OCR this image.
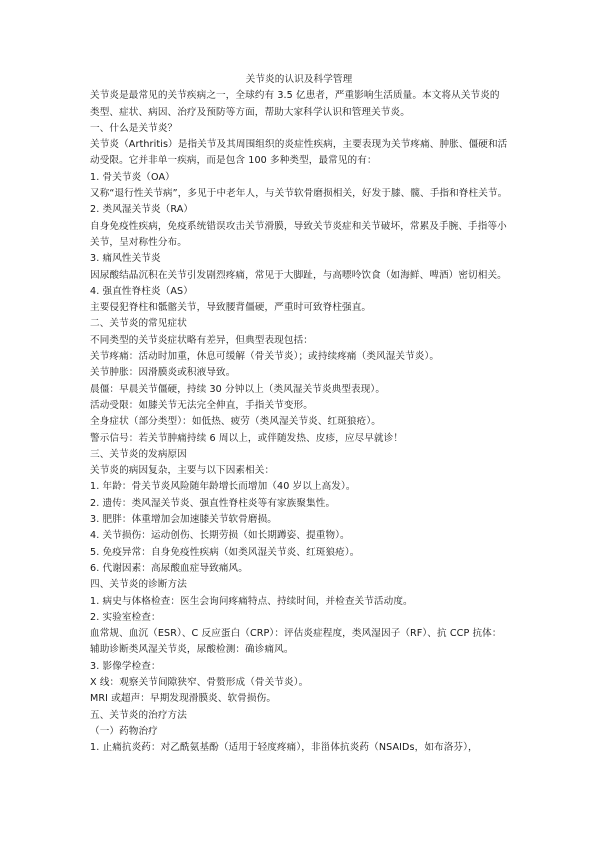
关节炎的认识及科学管理
关节炎是最常见的关节疾病之一，全球约有 3.5 亿患者，严重影响生活质量。本文将从关节炎的类型、症状、病因、治疗及预防等方面，帮助大家科学认识和管理关节炎。
一、什么是关节炎？
关节炎（Arthritis）是指关节及其周围组织的炎症性疾病，主要表现为关节疼痛、肿胀、僵硬和活动受限。它并非单一疾病，而是包含 100 多种类型，最常见的有：
1. 骨关节炎（OA）
又称“退行性关节病”，多见于中老年人，与关节软骨磨损相关，好发于膝、髋、手指和脊柱关节。
2. 类风湿关节炎（RA）
自身免疫性疾病，免疫系统错误攻击关节滑膜，导致关节炎症和关节破坏，常累及手腕、手指等小关节，呈对称性分布。
3. 痛风性关节炎
因尿酸结晶沉积在关节引发剧烈疼痛，常见于大脚趾，与高嘌呤饮食（如海鲜、啤酒）密切相关。
4. 强直性脊柱炎（AS）
主要侵犯脊柱和骶髂关节，导致腰背僵硬，严重时可致脊柱强直。
二、关节炎的常见症状
不同类型的关节炎症状略有差异，但典型表现包括：
关节疼痛：活动时加重，休息可缓解（骨关节炎）；或持续疼痛（类风湿关节炎）。
关节肿胀：因滑膜炎或积液导致。
晨僵：早晨关节僵硬，持续 30 分钟以上（类风湿关节炎典型表现）。
活动受限：如膝关节无法完全伸直，手指关节变形。
全身症状（部分类型）：如低热、疲劳（类风湿关节炎、红斑狼疮）。
警示信号：若关节肿痛持续 6 周以上，或伴随发热、皮疹，应尽早就诊！
三、关节炎的发病原因
关节炎的病因复杂，主要与以下因素相关：
1. 年龄：骨关节炎风险随年龄增长而增加（40 岁以上高发）。
2. 遗传：类风湿关节炎、强直性脊柱炎等有家族聚集性。
3. 肥胖：体重增加会加速膝关节软骨磨损。
4. 关节损伤：运动创伤、长期劳损（如长期蹲姿、提重物）。
5. 免疫异常：自身免疫性疾病（如类风湿关节炎、红斑狼疮）。
6. 代谢因素：高尿酸血症导致痛风。
四、关节炎的诊断方法
1. 病史与体格检查：医生会询问疼痛特点、持续时间，并检查关节活动度。
2. 实验室检查：
血常规、血沉（ESR）、C 反应蛋白（CRP）：评估炎症程度，类风湿因子（RF）、抗 CCP 抗体：辅助诊断类风湿关节炎，尿酸检测：确诊痛风。
3. 影像学检查：
X 线：观察关节间隙狭窄、骨赘形成（骨关节炎）。
MRI 或超声：早期发现滑膜炎、软骨损伤。
五、关节炎的治疗方法
（一）药物治疗
1. 止痛抗炎药：对乙酰氨基酚（适用于轻度疼痛），非甾体抗炎药（NSAIDs，如布洛芬），
